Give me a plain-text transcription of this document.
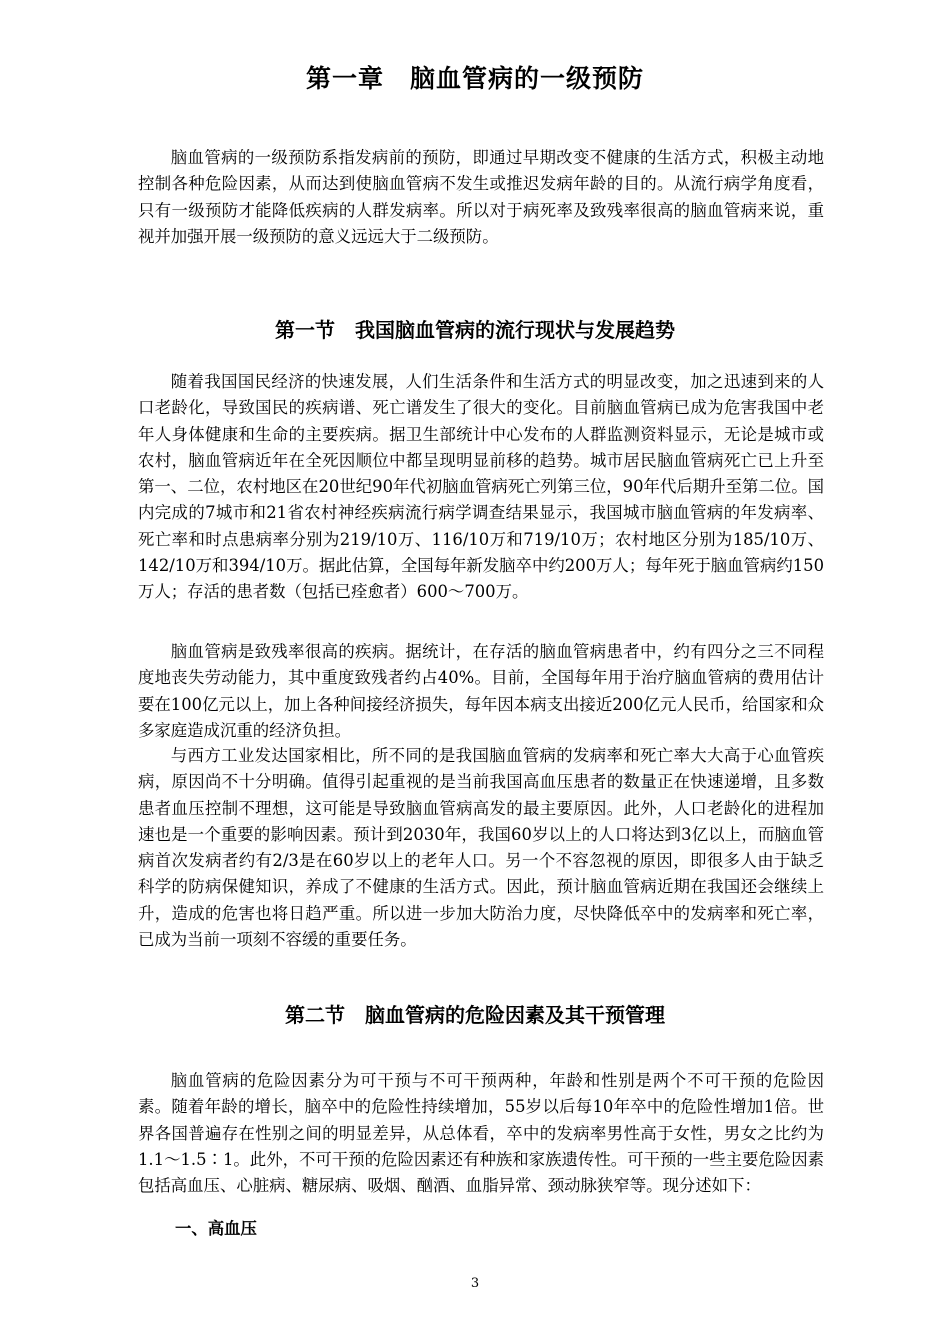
第一章　脑血管病的一级预防

脑血管病的一级预防系指发病前的预防，即通过早期改变不健康的生活方式，积极主动地控制各种危险因素，从而达到使脑血管病不发生或推迟发病年龄的目的。从流行病学角度看，只有一级预防才能降低疾病的人群发病率。所以对于病死率及致残率很高的脑血管病来说，重视并加强开展一级预防的意义远远大于二级预防。

第一节　我国脑血管病的流行现状与发展趋势

随着我国国民经济的快速发展，人们生活条件和生活方式的明显改变，加之迅速到来的人口老龄化，导致国民的疾病谱、死亡谱发生了很大的变化。目前脑血管病已成为危害我国中老年人身体健康和生命的主要疾病。据卫生部统计中心发布的人群监测资料显示，无论是城市或农村，脑血管病近年在全死因顺位中都呈现明显前移的趋势。城市居民脑血管病死亡已上升至第一、二位，农村地区在20世纪90年代初脑血管病死亡列第三位，90年代后期升至第二位。国内完成的7城市和21省农村神经疾病流行病学调查结果显示，我国城市脑血管病的年发病率、死亡率和时点患病率分别为219/10万、116/10万和719/10万；农村地区分别为185/10万、142/10万和394/10万。据此估算，全国每年新发脑卒中约200万人；每年死于脑血管病约150万人；存活的患者数（包括已痊愈者）600～700万。

脑血管病是致残率很高的疾病。据统计，在存活的脑血管病患者中，约有四分之三不同程度地丧失劳动能力，其中重度致残者约占40%。目前，全国每年用于治疗脑血管病的费用估计要在100亿元以上，加上各种间接经济损失，每年因本病支出接近200亿元人民币，给国家和众多家庭造成沉重的经济负担。

与西方工业发达国家相比，所不同的是我国脑血管病的发病率和死亡率大大高于心血管疾病，原因尚不十分明确。值得引起重视的是当前我国高血压患者的数量正在快速递增，且多数患者血压控制不理想，这可能是导致脑血管病高发的最主要原因。此外，人口老龄化的进程加速也是一个重要的影响因素。预计到2030年，我国60岁以上的人口将达到3亿以上，而脑血管病首次发病者约有2/3是在60岁以上的老年人口。另一个不容忽视的原因，即很多人由于缺乏科学的防病保健知识，养成了不健康的生活方式。因此，预计脑血管病近期在我国还会继续上升，造成的危害也将日趋严重。所以进一步加大防治力度，尽快降低卒中的发病率和死亡率，已成为当前一项刻不容缓的重要任务。

第二节　脑血管病的危险因素及其干预管理

脑血管病的危险因素分为可干预与不可干预两种，年龄和性别是两个不可干预的危险因素。随着年龄的增长，脑卒中的危险性持续增加，55岁以后每10年卒中的危险性增加1倍。世界各国普遍存在性别之间的明显差异，从总体看，卒中的发病率男性高于女性，男女之比约为1.1～1.5∶1。此外，不可干预的危险因素还有种族和家族遗传性。可干预的一些主要危险因素包括高血压、心脏病、糖尿病、吸烟、酗酒、血脂异常、颈动脉狭窄等。现分述如下：

一、高血压
3
